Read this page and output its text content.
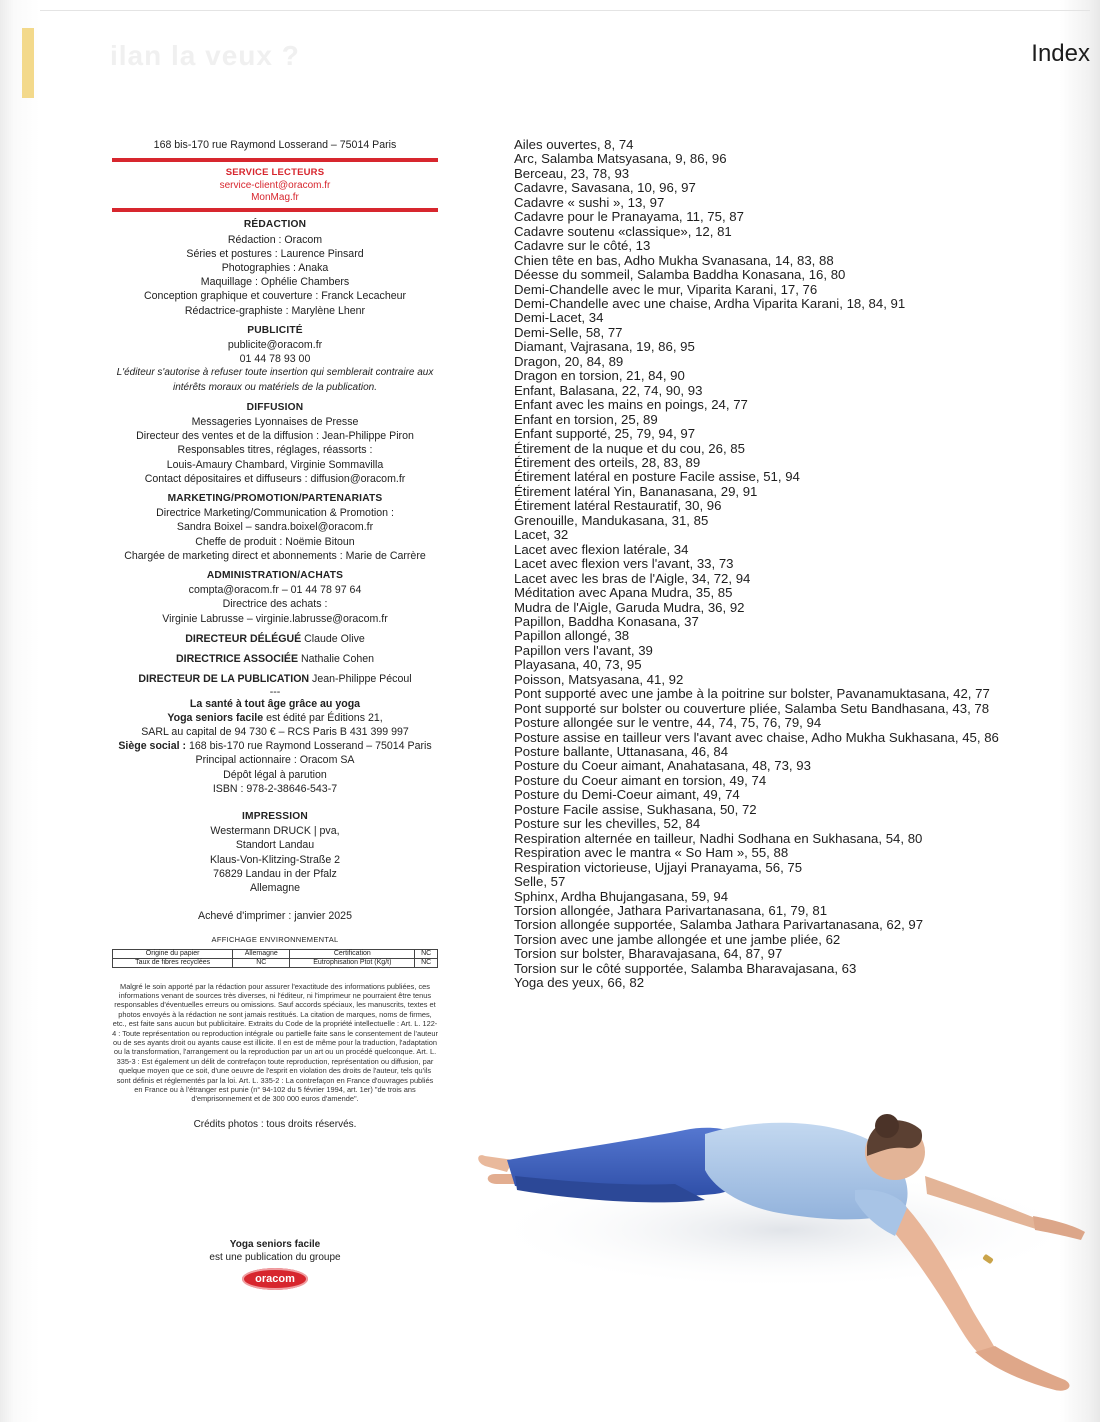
ilan la veux ?	Index
168 bis-170 rue Raymond Losserand – 75014 Paris
SERVICE LECTEURS
service-client@oracom.fr
MonMag.fr
RÉDACTION
Rédaction : Oracom
Séries et postures : Laurence Pinsard
Photographies : Anaka
Maquillage : Ophélie Chambers
Conception graphique et couverture : Franck Lecacheur
Rédactrice-graphiste : Marylène Lhenr
PUBLICITÉ
publicite@oracom.fr
01 44 78 93 00
L'éditeur s'autorise à refuser toute insertion qui semblerait contraire aux intérêts moraux ou matériels de la publication.
DIFFUSION
Messageries Lyonnaises de Presse
Directeur des ventes et de la diffusion : Jean-Philippe Piron
Responsables titres, réglages, réassorts :
Louis-Amaury Chambard, Virginie Sommavilla
Contact dépositaires et diffuseurs : diffusion@oracom.fr
MARKETING/PROMOTION/PARTENARIATS
Directrice Marketing/Communication & Promotion :
Sandra Boixel – sandra.boixel@oracom.fr
Cheffe de produit : Noëmie Bitoun
Chargée de marketing direct et abonnements : Marie de Carrère
ADMINISTRATION/ACHATS
compta@oracom.fr – 01 44 78 97 64
Directrice des achats :
Virginie Labrusse – virginie.labrusse@oracom.fr
DIRECTEUR DÉLÉGUÉ Claude Olive
DIRECTRICE ASSOCIÉE Nathalie Cohen
DIRECTEUR DE LA PUBLICATION Jean-Philippe Pécoul
---
La santé à tout âge grâce au yoga
Yoga seniors facile est édité par Éditions 21,
SARL au capital de 94 730 € – RCS Paris B 431 399 997
Siège social : 168 bis-170 rue Raymond Losserand – 75014 Paris
Principal actionnaire : Oracom SA
Dépôt légal à parution
ISBN : 978-2-38646-543-7
IMPRESSION
Westermann DRUCK | pva,
Standort Landau
Klaus-Von-Klitzing-Straße 2
76829 Landau in der Pfalz
Allemagne
Achevé d'imprimer : janvier 2025
AFFICHAGE ENVIRONNEMENTAL
Origine du papier	Allemagne	Certification	NC
Taux de fibres recyclées	NC	Eutrophisation Ptot (Kg/t)	NC
Malgré le soin apporté par la rédaction pour assurer l'exactitude des informations publiées, ces informations venant de sources très diverses, ni l'éditeur, ni l'imprimeur ne pourraient être tenus responsables d'éventuelles erreurs ou omissions. Sauf accords spéciaux, les manuscrits, textes et photos envoyés à la rédaction ne sont jamais restitués. La citation de marques, noms de firmes, etc., est faite sans aucun but publicitaire. Extraits du Code de la propriété intellectuelle : Art. L. 122-4 : Toute représentation ou reproduction intégrale ou partielle faite sans le consentement de l'auteur ou de ses ayants droit ou ayants cause est illicite. Il en est de même pour la traduction, l'adaptation ou la transformation, l'arrangement ou la reproduction par un art ou un procédé quelconque. Art. L. 335-3 : Est également un délit de contrefaçon toute reproduction, représentation ou diffusion, par quelque moyen que ce soit, d'une oeuvre de l'esprit en violation des droits de l'auteur, tels qu'ils sont définis et réglementés par la loi. Art. L. 335-2 : La contrefaçon en France d'ouvrages publiés en France ou à l'étranger est punie (n° 94-102 du 5 février 1994, art. 1er) "de trois ans d'emprisonnement et de 300 000 euros d'amende".
Crédits photos : tous droits réservés.
Yoga seniors facile
est une publication du groupe
oracom
Ailes ouvertes, 8, 74
Arc, Salamba Matsyasana, 9, 86, 96
Berceau, 23, 78, 93
Cadavre, Savasana, 10, 96, 97
Cadavre « sushi », 13, 97
Cadavre pour le Pranayama, 11, 75, 87
Cadavre soutenu «classique», 12, 81
Cadavre sur le côté, 13
Chien tête en bas, Adho Mukha Svanasana, 14, 83, 88
Déesse du sommeil, Salamba Baddha Konasana, 16, 80
Demi-Chandelle avec le mur, Viparita Karani, 17, 76
Demi-Chandelle avec une chaise, Ardha Viparita Karani, 18, 84, 91
Demi-Lacet, 34
Demi-Selle, 58, 77
Diamant, Vajrasana, 19, 86, 95
Dragon, 20, 84, 89
Dragon en torsion, 21, 84, 90
Enfant, Balasana, 22, 74, 90, 93
Enfant avec les mains en poings, 24, 77
Enfant en torsion, 25, 89
Enfant supporté, 25, 79, 94, 97
Étirement de la nuque et du cou, 26, 85
Étirement des orteils, 28, 83, 89
Étirement latéral en posture Facile assise, 51, 94
Étirement latéral Yin, Bananasana, 29, 91
Étirement latéral Restauratif, 30, 96
Grenouille, Mandukasana, 31, 85
Lacet, 32
Lacet avec flexion latérale, 34
Lacet avec flexion vers l'avant, 33, 73
Lacet avec les bras de l'Aigle, 34, 72, 94
Méditation avec Apana Mudra, 35, 85
Mudra de l'Aigle, Garuda Mudra, 36, 92
Papillon, Baddha Konasana, 37
Papillon allongé, 38
Papillon vers l'avant, 39
Playasana, 40, 73, 95
Poisson, Matsyasana, 41, 92
Pont supporté avec une jambe à la poitrine sur bolster, Pavanamuktasana, 42, 77
Pont supporté sur bolster ou couverture pliée, Salamba Setu Bandhasana, 43, 78
Posture allongée sur le ventre, 44, 74, 75, 76, 79, 94
Posture assise en tailleur vers l'avant avec chaise, Adho Mukha Sukhasana, 45, 86
Posture ballante, Uttanasana, 46, 84
Posture du Coeur aimant, Anahatasana, 48, 73, 93
Posture du Coeur aimant en torsion, 49, 74
Posture du Demi-Coeur aimant, 49, 74
Posture Facile assise, Sukhasana, 50, 72
Posture sur les chevilles, 52, 84
Respiration alternée en tailleur, Nadhi Sodhana en Sukhasana, 54, 80
Respiration avec le mantra « So Ham », 55, 88
Respiration victorieuse, Ujjayi Pranayama, 56, 75
Selle, 57
Sphinx, Ardha Bhujangasana, 59, 94
Torsion allongée, Jathara Parivartanasana, 61, 79, 81
Torsion allongée supportée, Salamba Jathara Parivartanasana, 62, 97
Torsion avec une jambe allongée et une jambe pliée, 62
Torsion sur bolster, Bharavajasana, 64, 87, 97
Torsion sur le côté supportée, Salamba Bharavajasana, 63
Yoga des yeux, 66, 82
